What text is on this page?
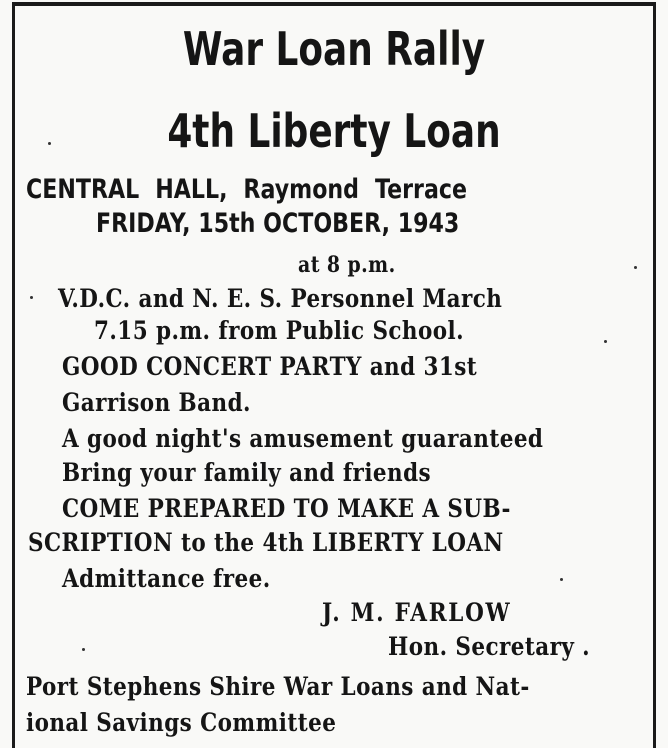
War Loan Rally
4th Liberty Loan
CENTRAL HALL, Raymond Terrace
FRIDAY, 15th OCTOBER, 1943
at 8 p.m.
V.D.C. and N. E. S. Personnel March
7.15 p.m. from Public School.
GOOD CONCERT PARTY and 31st
Garrison Band.
A good night's amusement guaranteed
Bring your family and friends
COME PREPARED TO MAKE A SUB-
SCRIPTION to the 4th LIBERTY LOAN
Admittance free.
J. M. FARLOW
Hon. Secretary .
Port Stephens Shire War Loans and Nat-
ional Savings Committee
